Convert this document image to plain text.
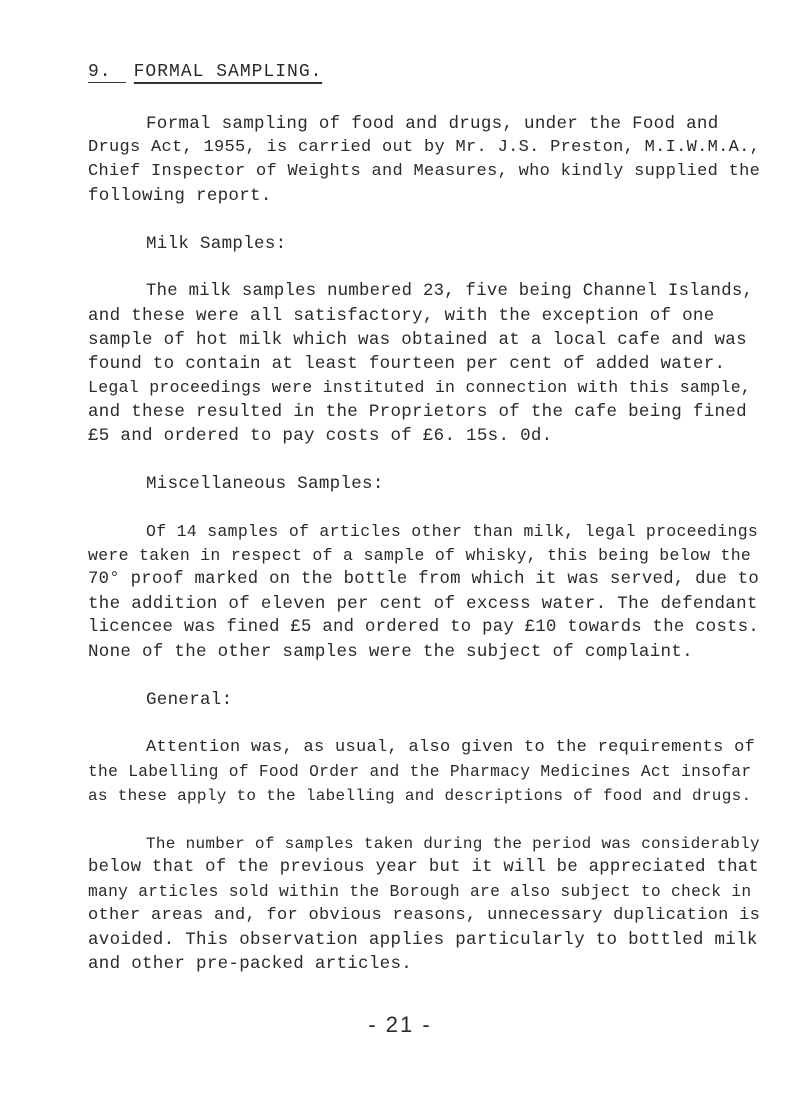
9. FORMAL SAMPLING.
Formal sampling of food and drugs, under the Food and
Drugs Act, 1955, is carried out by Mr. J.S. Preston, M.I.W.M.A.,
Chief Inspector of Weights and Measures, who kindly supplied the
following report.
Milk Samples:
The milk samples numbered 23, five being Channel Islands,
and these were all satisfactory, with the exception of one
sample of hot milk which was obtained at a local cafe and was
found to contain at least fourteen per cent of added water.
Legal proceedings were instituted in connection with this sample,
and these resulted in the Proprietors of the cafe being fined
£5 and ordered to pay costs of £6. 15s. 0d.
Miscellaneous Samples:
Of 14 samples of articles other than milk, legal proceedings
were taken in respect of a sample of whisky, this being below the
70° proof marked on the bottle from which it was served, due to
the addition of eleven per cent of excess water. The defendant
licencee was fined £5 and ordered to pay £10 towards the costs.
None of the other samples were the subject of complaint.
General:
Attention was, as usual, also given to the requirements of
the Labelling of Food Order and the Pharmacy Medicines Act insofar
as these apply to the labelling and descriptions of food and drugs.
The number of samples taken during the period was considerably
below that of the previous year but it will be appreciated that
many articles sold within the Borough are also subject to check in
other areas and, for obvious reasons, unnecessary duplication is
avoided. This observation applies particularly to bottled milk
and other pre-packed articles.
- 21 -
